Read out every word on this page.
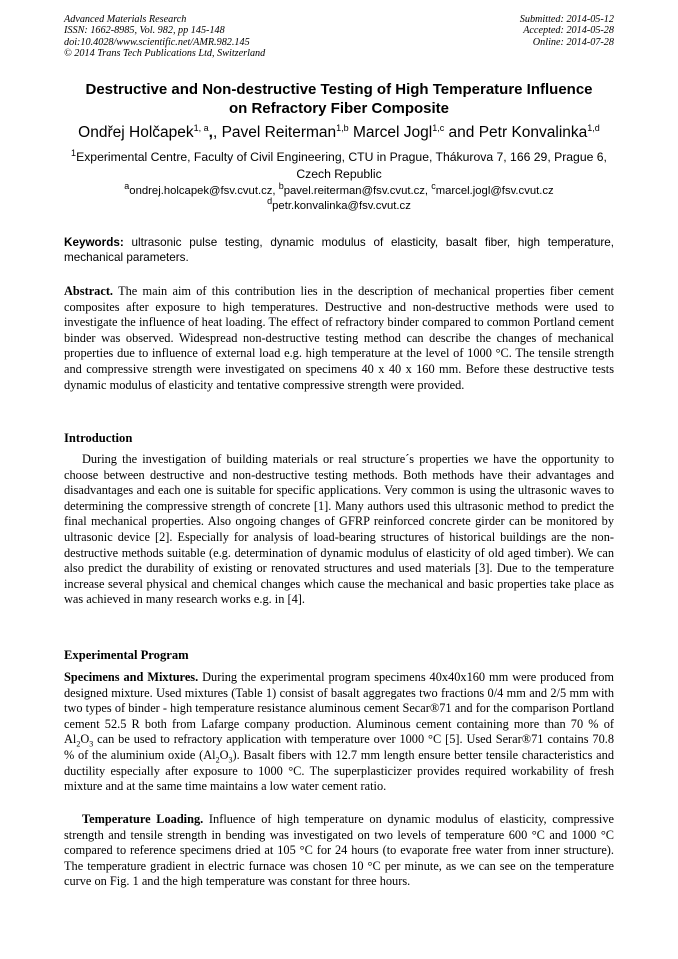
Advanced Materials Research
ISSN: 1662-8985, Vol. 982, pp 145-148
doi:10.4028/www.scientific.net/AMR.982.145
© 2014 Trans Tech Publications Ltd, Switzerland
Submitted: 2014-05-12
Accepted: 2014-05-28
Online: 2014-07-28
Destructive and Non-destructive Testing of High Temperature Influence
on Refractory Fiber Composite
Ondřej Holčapek$^{1, a}$,, Pavel Reiterman$^{1,b}$ Marcel Jogl$^{1,c}$ and Petr Konvalinka$^{1,d}$
$^1$Experimental Centre, Faculty of Civil Engineering, CTU in Prague, Thákurova 7, 166 29, Prague 6, Czech Republic
$^a$ondrej.holcapek@fsv.cvut.cz, $^b$pavel.reiterman@fsv.cvut.cz, $^c$marcel.jogl@fsv.cvut.cz
$^d$petr.konvalinka@fsv.cvut.cz
Keywords: ultrasonic pulse testing, dynamic modulus of elasticity, basalt fiber, high temperature, mechanical parameters.
Abstract. The main aim of this contribution lies in the description of mechanical properties fiber cement composites after exposure to high temperatures. Destructive and non-destructive methods were used to investigate the influence of heat loading. The effect of refractory binder compared to common Portland cement binder was observed. Widespread non-destructive testing method can describe the changes of mechanical properties due to influence of external load e.g. high temperature at the level of 1000 °C. The tensile strength and compressive strength were investigated on specimens 40 x 40 x 160 mm. Before these destructive tests dynamic modulus of elasticity and tentative compressive strength were provided.
Introduction
During the investigation of building materials or real structure´s properties we have the opportunity to choose between destructive and non-destructive testing methods. Both methods have their advantages and disadvantages and each one is suitable for specific applications. Very common is using the ultrasonic waves to determining the compressive strength of concrete [1]. Many authors used this ultrasonic method to predict the final mechanical properties. Also ongoing changes of GFRP reinforced concrete girder can be monitored by ultrasonic device [2]. Especially for analysis of load-bearing structures of historical buildings are the non-destructive methods suitable (e.g. determination of dynamic modulus of elasticity of old aged timber). We can also predict the durability of existing or renovated structures and used materials [3]. Due to the temperature increase several physical and chemical changes which cause the mechanical and basic properties take place as was achieved in many research works e.g. in [4].
Experimental Program
Specimens and Mixtures. During the experimental program specimens 40x40x160 mm were produced from designed mixture. Used mixtures (Table 1) consist of basalt aggregates two fractions 0/4 mm and 2/5 mm with two types of binder - high temperature resistance aluminous cement Secar®71 and for the comparison Portland cement 52.5 R both from Lafarge company production. Aluminous cement containing more than 70 % of $Al_2O_3$ can be used to refractory application with temperature over 1000 °C [5]. Used Serar®71 contains 70.8 % of the aluminium oxide $(Al_2O_3)$. Basalt fibers with 12.7 mm length ensure better tensile characteristics and ductility especially after exposure to 1000 °C. The superplasticizer provides required workability of fresh mixture and at the same time maintains a low water cement ratio.
Temperature Loading. Influence of high temperature on dynamic modulus of elasticity, compressive strength and tensile strength in bending was investigated on two levels of temperature 600 °C and 1000 °C compared to reference specimens dried at 105 °C for 24 hours (to evaporate free water from inner structure). The temperature gradient in electric furnace was chosen 10 °C per minute, as we can see on the temperature curve on Fig. 1 and the high temperature was constant for three hours.
